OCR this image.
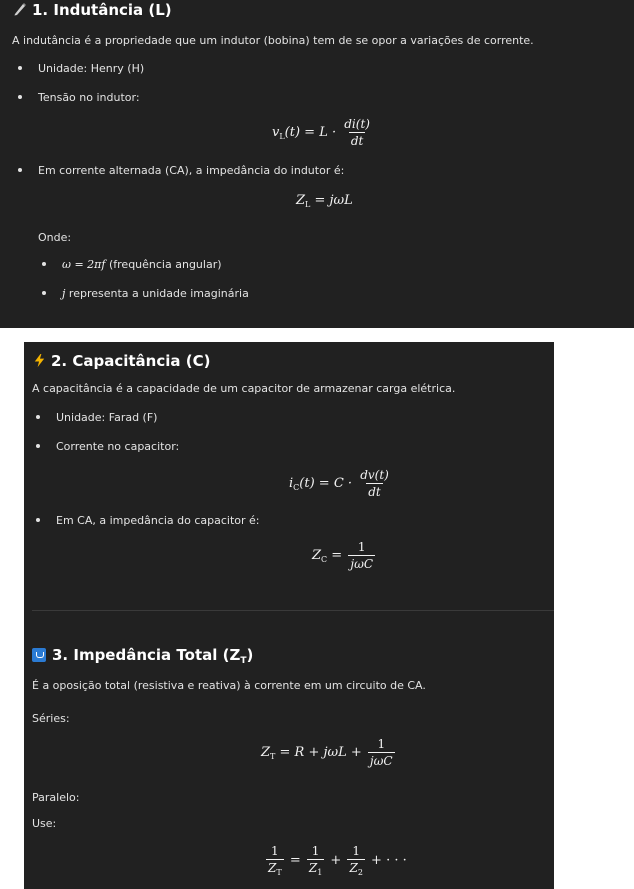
1. Indutância (L)
A indutância é a propriedade que um indutor (bobina) tem de se opor a variações de corrente.
Unidade: Henry (H)
Tensão no indutor:
$v_L(t) = L \cdot \frac{di(t)}{dt}$
Em corrente alternada (CA), a impedância do indutor é:
$Z_L = j\omega L$
Onde:
ω = 2πf (frequência angular)
j representa a unidade imaginária
2. Capacitância (C)
A capacitância é a capacidade de um capacitor de armazenar carga elétrica.
Unidade: Farad (F)
Corrente no capacitor:
$i_C(t) = C \cdot \frac{dv(t)}{dt}$
Em CA, a impedância do capacitor é:
$Z_C = \frac{1}{\text{jωC}}$
3. Impedância Total $(Z_T)$
É a oposição total (resistiva e reativa) à corrente em um circuito de CA.
Séries:
$Z_T = R + j\omega L + \frac{1}{\text{jωC}}$
Paralelo:
Use:
$\frac{1}{Z_T} = \frac{1}{Z_1} + \frac{1}{Z_2}$ + · · ·
